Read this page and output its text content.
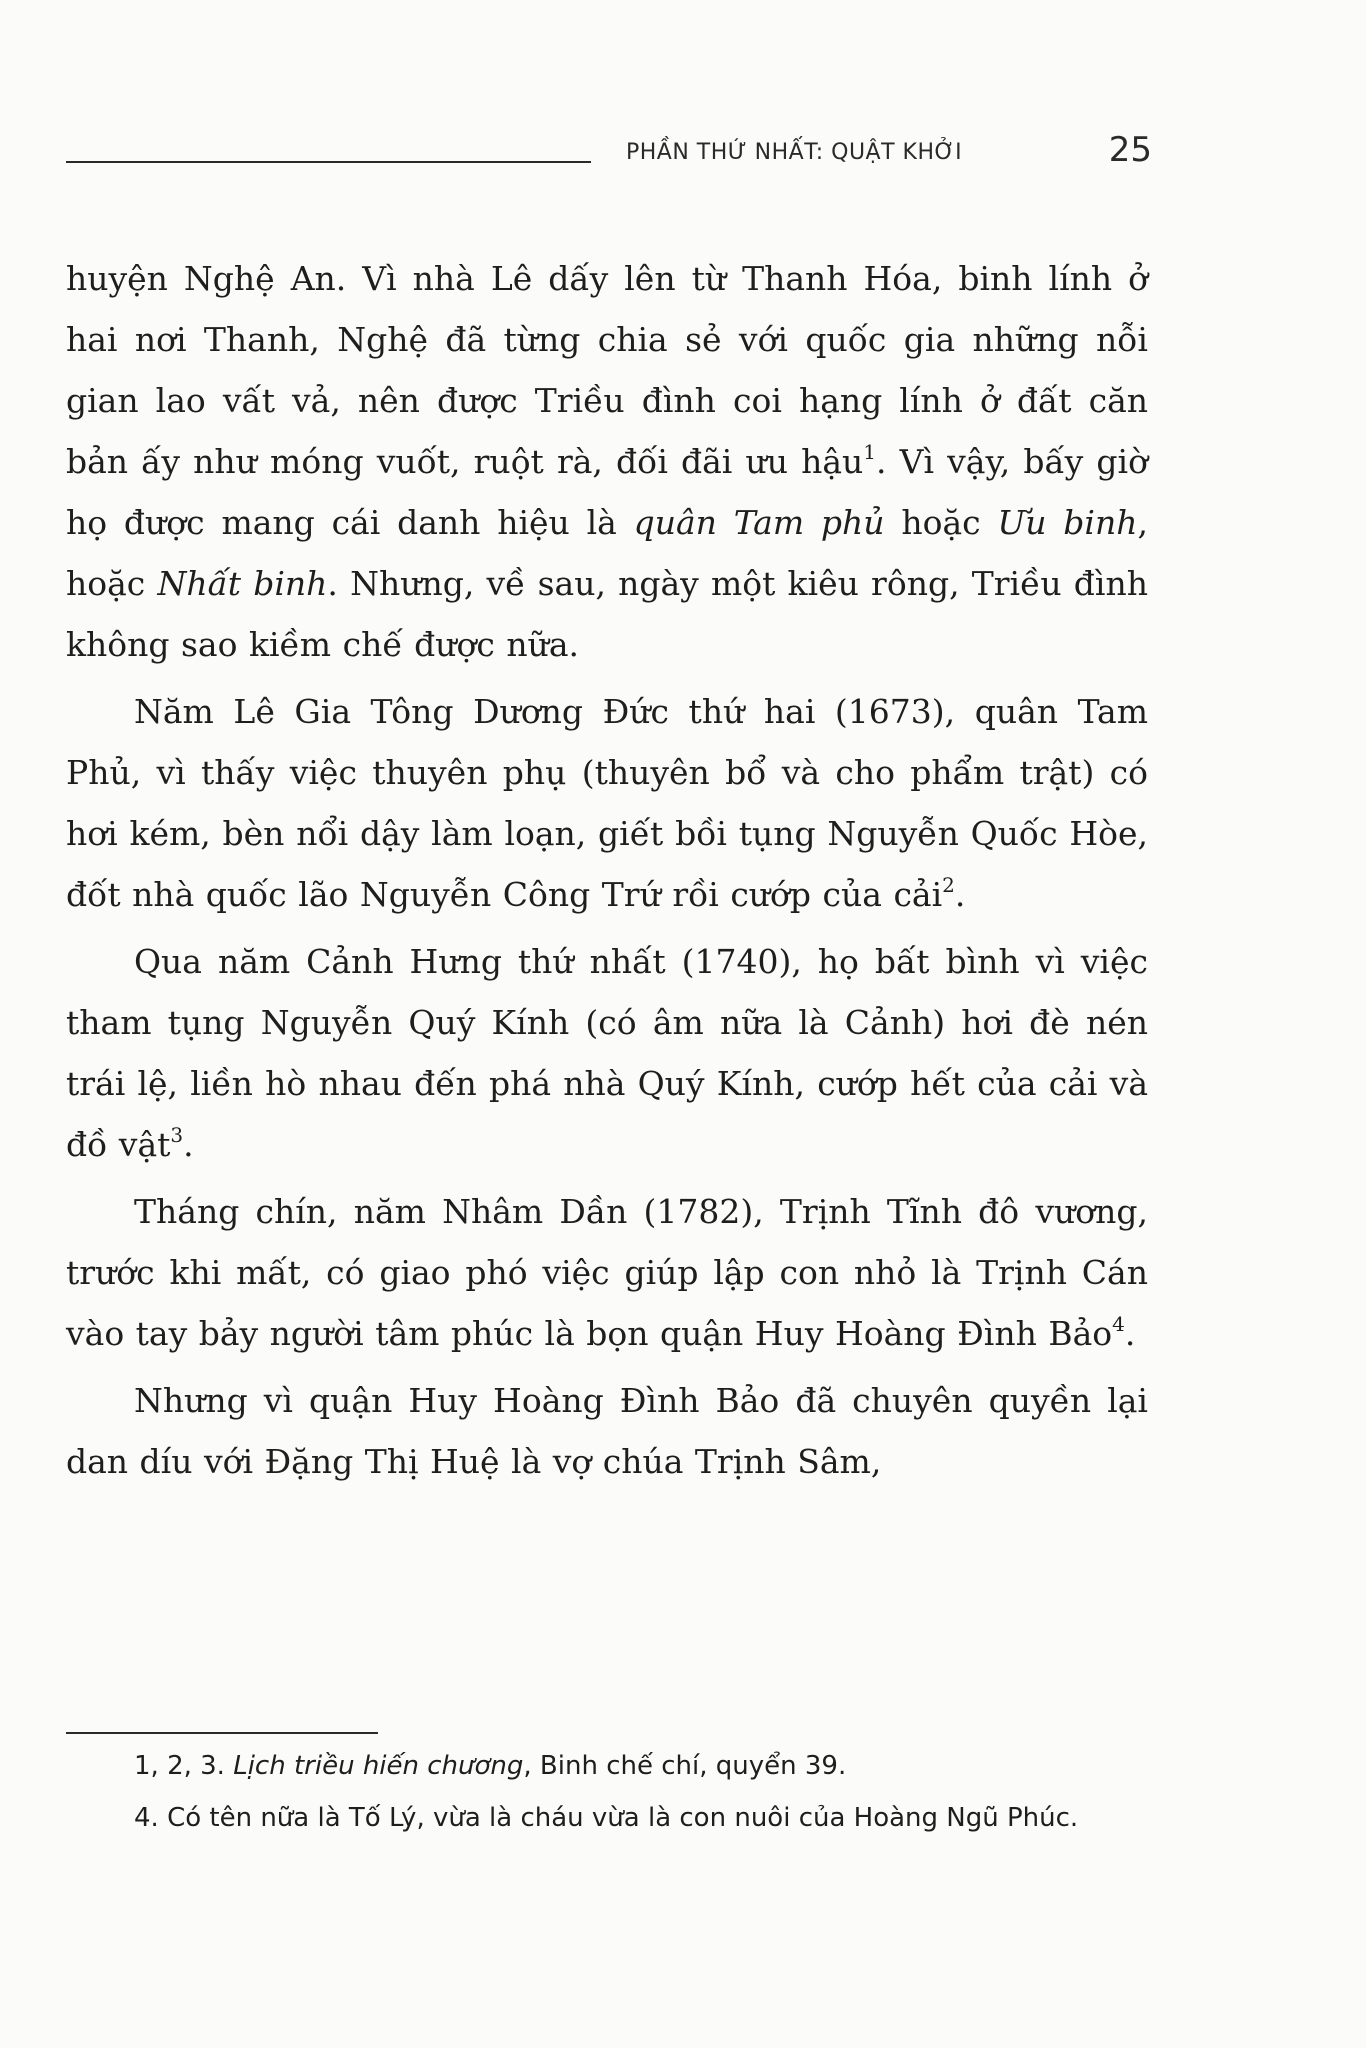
PHẦN THỨ NHẤT: QUẬT KHỞI	25

huyện Nghệ An. Vì nhà Lê dấy lên từ Thanh Hóa, binh lính ở hai nơi Thanh, Nghệ đã từng chia sẻ với quốc gia những nỗi gian lao vất vả, nên được Triều đình coi hạng lính ở đất căn bản ấy như móng vuốt, ruột rà, đối đãi ưu hậu$^1$. Vì vậy, bấy giờ họ được mang cái danh hiệu là quân Tam phủ hoặc Ưu binh, hoặc Nhất binh. Nhưng, về sau, ngày một kiêu rông, Triều đình không sao kiềm chế được nữa.

Năm Lê Gia Tông Dương Đức thứ hai (1673), quân Tam Phủ, vì thấy việc thuyên phụ (thuyên bổ và cho phẩm trật) có hơi kém, bèn nổi dậy làm loạn, giết bồi tụng Nguyễn Quốc Hòe, đốt nhà quốc lão Nguyễn Công Trứ rồi cướp của cải$^2$.

Qua năm Cảnh Hưng thứ nhất (1740), họ bất bình vì việc tham tụng Nguyễn Quý Kính (có âm nữa là Cảnh) hơi đè nén trái lệ, liền hò nhau đến phá nhà Quý Kính, cướp hết của cải và đồ vật$^3$.

Tháng chín, năm Nhâm Dần (1782), Trịnh Tĩnh đô vương, trước khi mất, có giao phó việc giúp lập con nhỏ là Trịnh Cán vào tay bảy người tâm phúc là bọn quận Huy Hoàng Đình Bảo$^4$.

Nhưng vì quận Huy Hoàng Đình Bảo đã chuyên quyền lại dan díu với Đặng Thị Huệ là vợ chúa Trịnh Sâm,

1, 2, 3. Lịch triều hiến chương, Binh chế chí, quyển 39.

4. Có tên nữa là Tố Lý, vừa là cháu vừa là con nuôi của Hoàng Ngũ Phúc.
